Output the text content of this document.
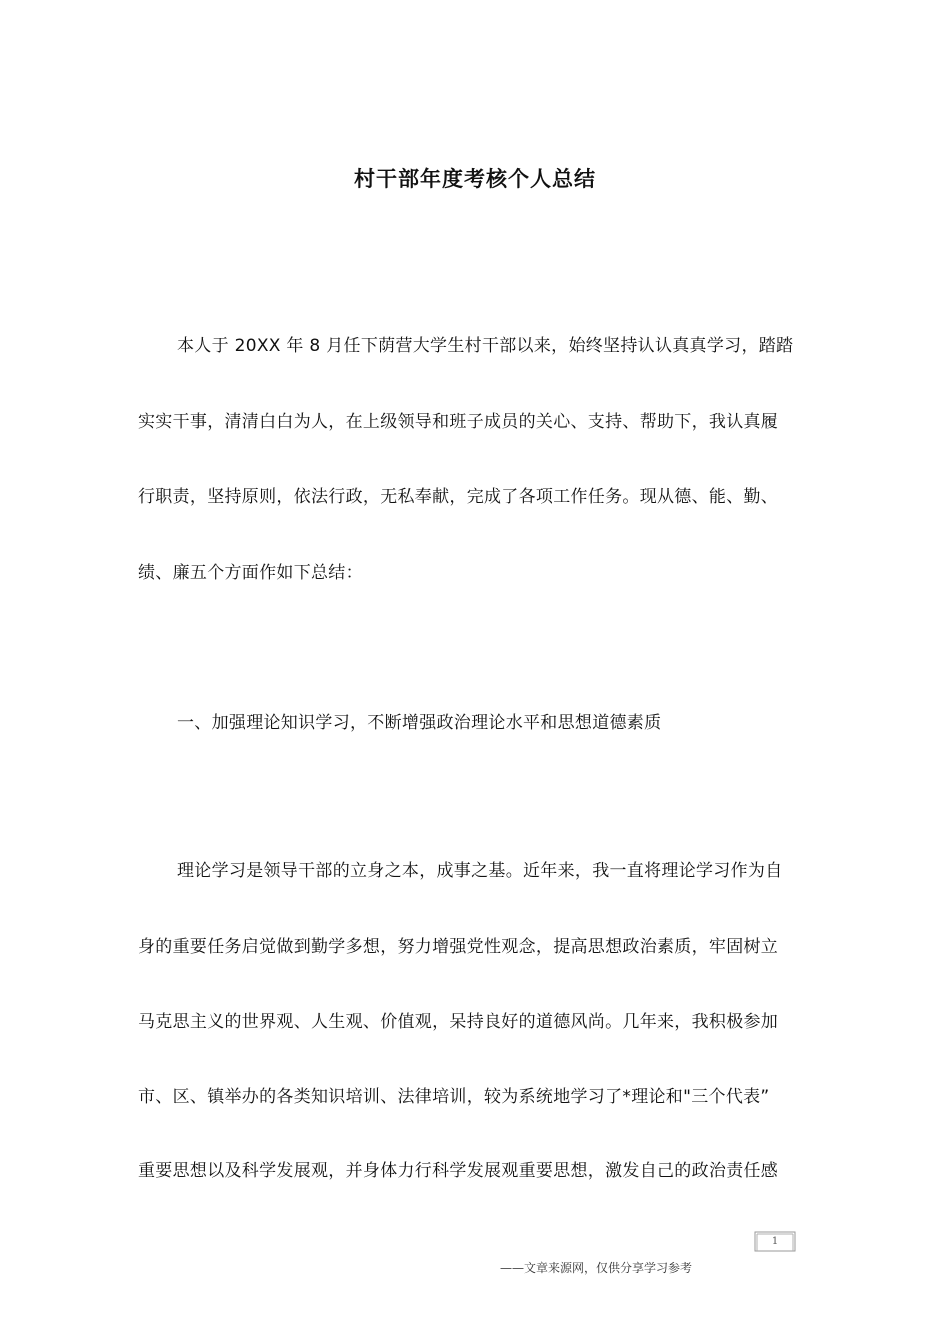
村干部年度考核个人总结
本人于 20XX 年 8 月任下荫营大学生村干部以来，始终坚持认认真真学习，踏踏
实实干事，清清白白为人，在上级领导和班子成员的关心、支持、帮助下，我认真履
行职责，坚持原则，依法行政，无私奉献，完成了各项工作任务。现从德、能、勤、
绩、廉五个方面作如下总结：
一、加强理论知识学习，不断增强政治理论水平和思想道德素质
理论学习是领导干部的立身之本，成事之基。近年来，我一直将理论学习作为自
身的重要任务启觉做到勤学多想，努力增强党性观念，提高思想政治素质，牢固树立
马克思主义的世界观、人生观、价值观，呆持良好的道德风尚。几年来，我积极参加
市、区、镇举办的各类知识培训、法律培训，较为系统地学习了*理论和"三个代表”
重要思想以及科学发展观，并身体力行科学发展观重要思想，激发自己的政治责任感
1
——文章来源网，仅供分享学习参考
